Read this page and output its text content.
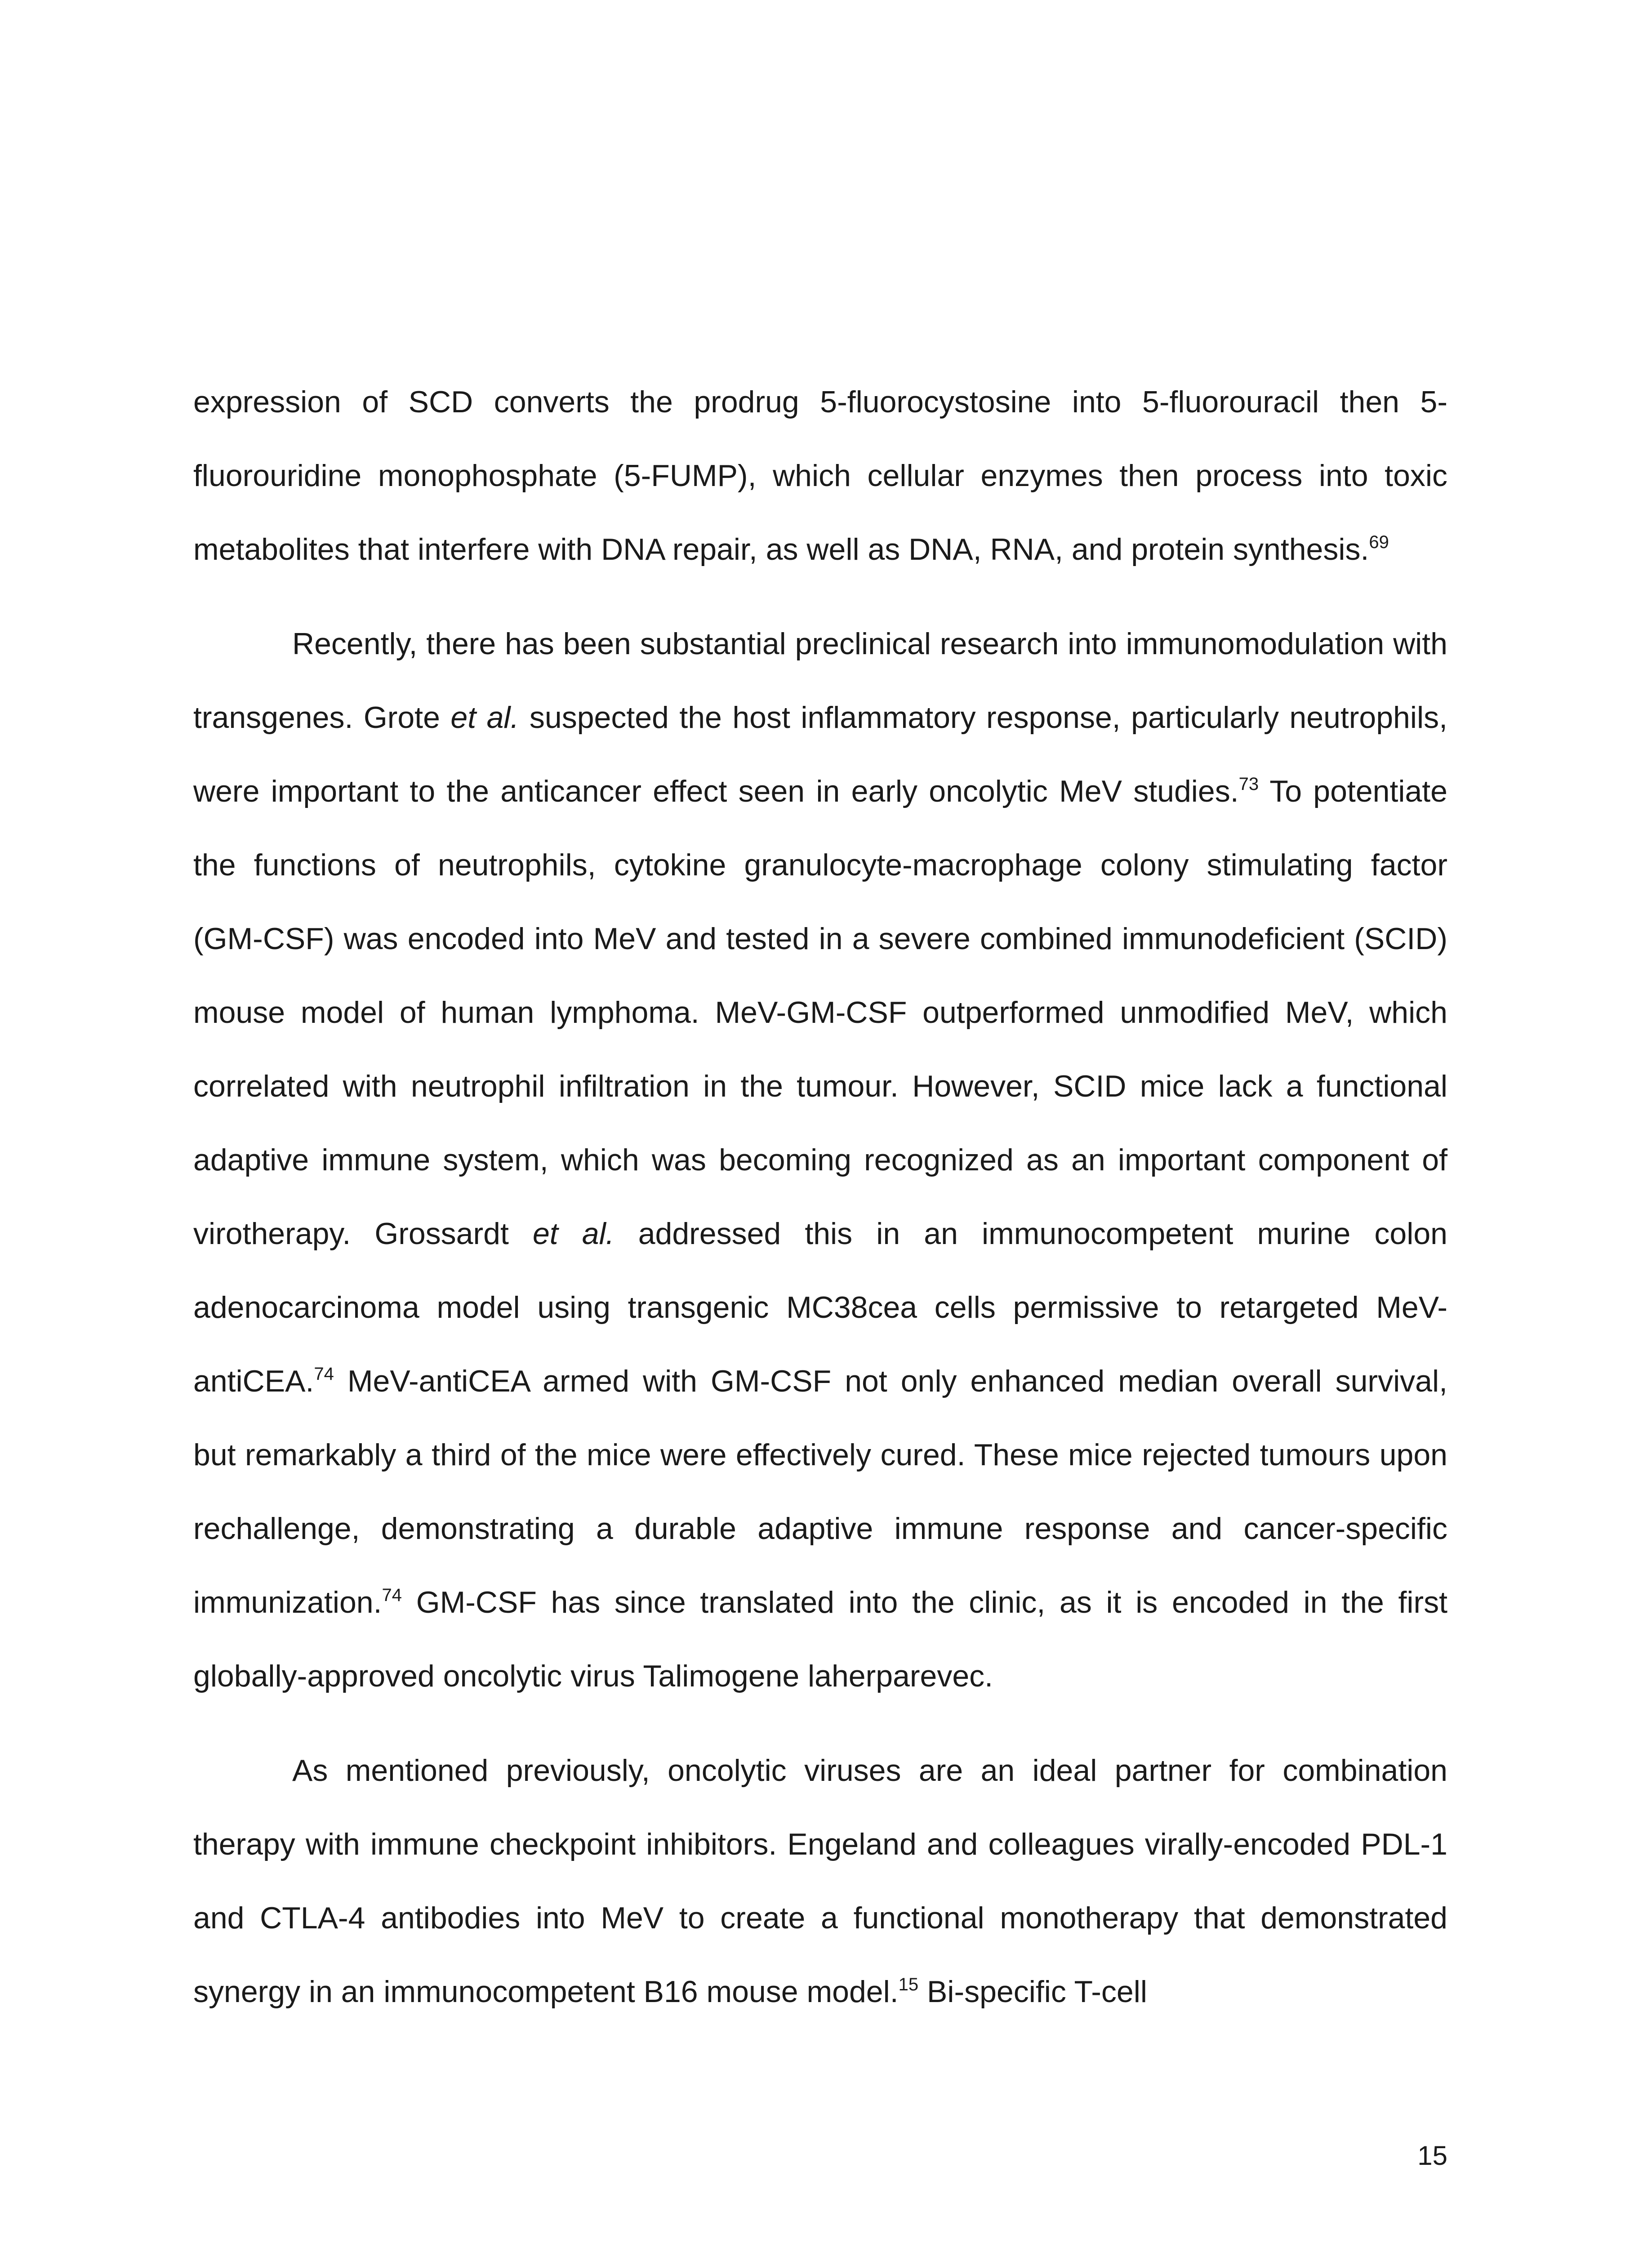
expression of SCD converts the prodrug 5-fluorocystosine into 5-fluorouracil then 5-fluorouridine monophosphate (5-FUMP), which cellular enzymes then process into toxic metabolites that interfere with DNA repair, as well as DNA, RNA, and protein synthesis.$^{69}$

Recently, there has been substantial preclinical research into immunomodulation with transgenes. Grote et al. suspected the host inflammatory response, particularly neutrophils, were important to the anticancer effect seen in early oncolytic MeV studies.$^{73}$ To potentiate the functions of neutrophils, cytokine granulocyte-macrophage colony stimulating factor (GM-CSF) was encoded into MeV and tested in a severe combined immunodeficient (SCID) mouse model of human lymphoma. MeV-GM-CSF outperformed unmodified MeV, which correlated with neutrophil infiltration in the tumour. However, SCID mice lack a functional adaptive immune system, which was becoming recognized as an important component of virotherapy. Grossardt et al. addressed this in an immunocompetent murine colon adenocarcinoma model using transgenic MC38cea cells permissive to retargeted MeV-antiCEA.$^{74}$ MeV-antiCEA armed with GM-CSF not only enhanced median overall survival, but remarkably a third of the mice were effectively cured. These mice rejected tumours upon rechallenge, demonstrating a durable adaptive immune response and cancer-specific immunization.$^{74}$ GM-CSF has since translated into the clinic, as it is encoded in the first globally-approved oncolytic virus Talimogene laherparevec.

As mentioned previously, oncolytic viruses are an ideal partner for combination therapy with immune checkpoint inhibitors. Engeland and colleagues virally-encoded PDL-1 and CTLA-4 antibodies into MeV to create a functional monotherapy that demonstrated synergy in an immunocompetent B16 mouse model.$^{15}$ Bi-specific T-cell

15
